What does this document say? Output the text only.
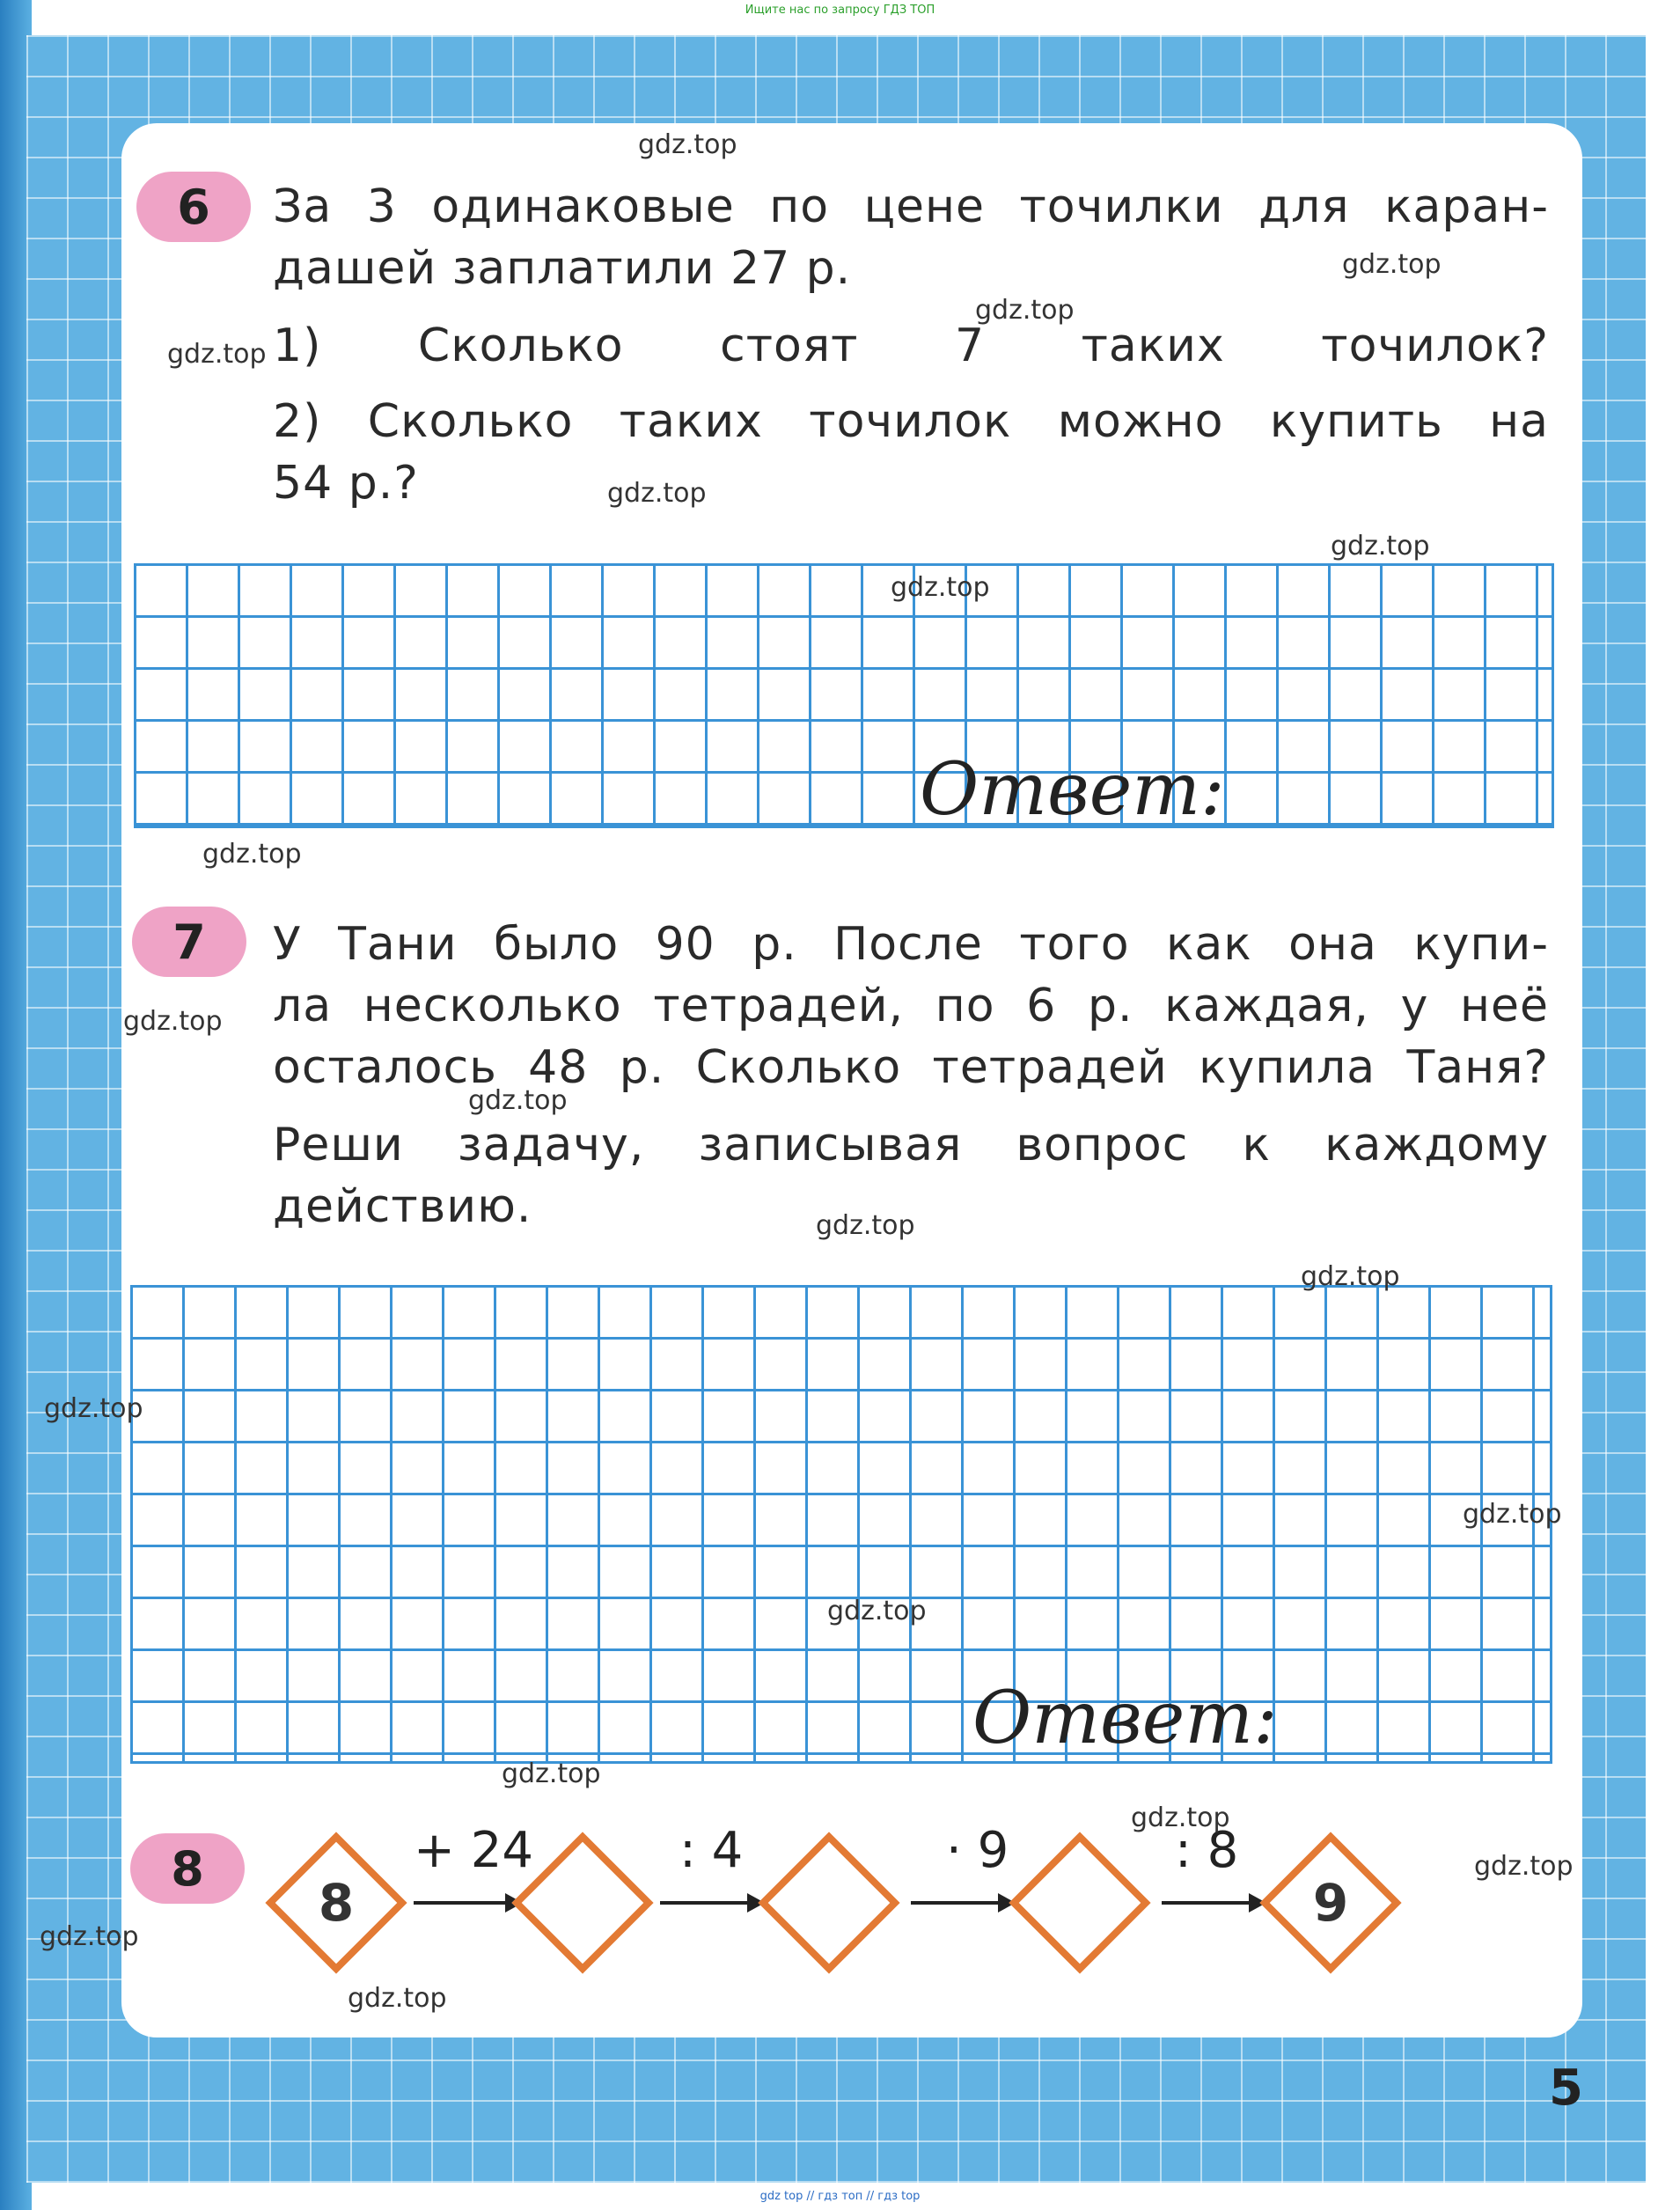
Ищите нас по запросу ГДЗ ТОП
6	За 3 одинаковые по цене точилки для каран-

дашей заплатили 27 р.

1) Сколько стоят 7 таких точилок?

2) Сколько таких точилок можно купить на

54 р.?

Ответ:
7	У Тани было 90 р. После того как она купи-

ла несколько тетрадей, по 6 р. каждая, у неё

осталось 48 р. Сколько тетрадей купила Таня?

Реши задачу, записывая вопрос к каждому

действию.

Ответ:
8
8
+ 24	: 4	· 9	: 8
9
5
gdz.top
gdz.top
gdz.top
gdz.top
gdz.top
gdz.top
gdz.top
gdz.top
gdz.top
gdz.top
gdz.top
gdz.top
gdz.top
gdz.top
gdz.top
gdz.top
gdz.top
gdz.top
gdz.top
gdz.top
gdz top // гдз топ // гдз top
